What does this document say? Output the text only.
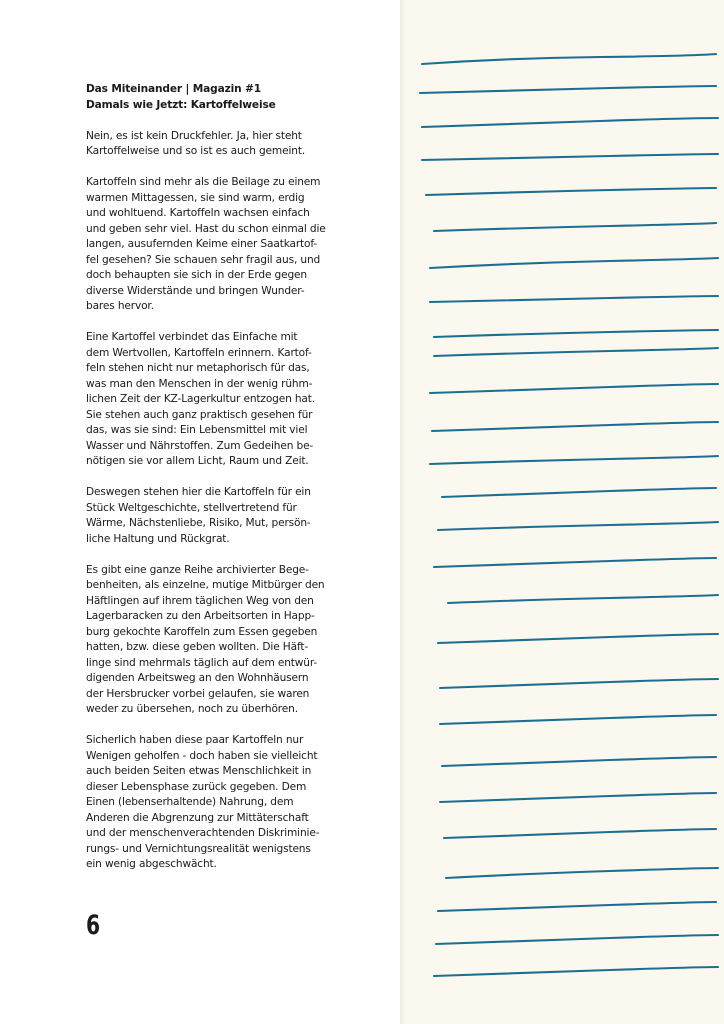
Das Miteinander | Magazin #1

Damals wie Jetzt: Kartoffelweise

Nein, es ist kein Druckfehler. Ja, hier steht
Kartoffelweise und so ist es auch gemeint.

Kartoffeln sind mehr als die Beilage zu einem
warmen Mittagessen, sie sind warm, erdig
und wohltuend. Kartoffeln wachsen einfach
und geben sehr viel. Hast du schon einmal die
langen, ausufernden Keime einer Saatkartof-
fel gesehen? Sie schauen sehr fragil aus, und
doch behaupten sie sich in der Erde gegen
diverse Widerstände und bringen Wunder-
bares hervor.

Eine Kartoffel verbindet das Einfache mit
dem Wertvollen, Kartoffeln erinnern. Kartof-
feln stehen nicht nur metaphorisch für das,
was man den Menschen in der wenig rühm-
lichen Zeit der KZ-Lagerkultur entzogen hat.
Sie stehen auch ganz praktisch gesehen für
das, was sie sind: Ein Lebensmittel mit viel
Wasser und Nährstoffen. Zum Gedeihen be-
nötigen sie vor allem Licht, Raum und Zeit.

Deswegen stehen hier die Kartoffeln für ein
Stück Weltgeschichte, stellvertretend für
Wärme, Nächstenliebe, Risiko, Mut, persön-
liche Haltung und Rückgrat.

Es gibt eine ganze Reihe archivierter Bege-
benheiten, als einzelne, mutige Mitbürger den
Häftlingen auf ihrem täglichen Weg von den
Lagerbaracken zu den Arbeitsorten in Happ-
burg gekochte Karoffeln zum Essen gegeben
hatten, bzw. diese geben wollten. Die Häft-
linge sind mehrmals täglich auf dem entwür-
digenden Arbeitsweg an den Wohnhäusern
der Hersbrucker vorbei gelaufen, sie waren
weder zu übersehen, noch zu überhören.

Sicherlich haben diese paar Kartoffeln nur
Wenigen geholfen - doch haben sie vielleicht
auch beiden Seiten etwas Menschlichkeit in
dieser Lebensphase zurück gegeben. Dem
Einen (lebenserhaltende) Nahrung, dem
Anderen die Abgrenzung zur Mittäterschaft
und der menschenverachtenden Diskriminie-
rungs- und Vernichtungsrealität wenigstens
ein wenig abgeschwächt.

6
